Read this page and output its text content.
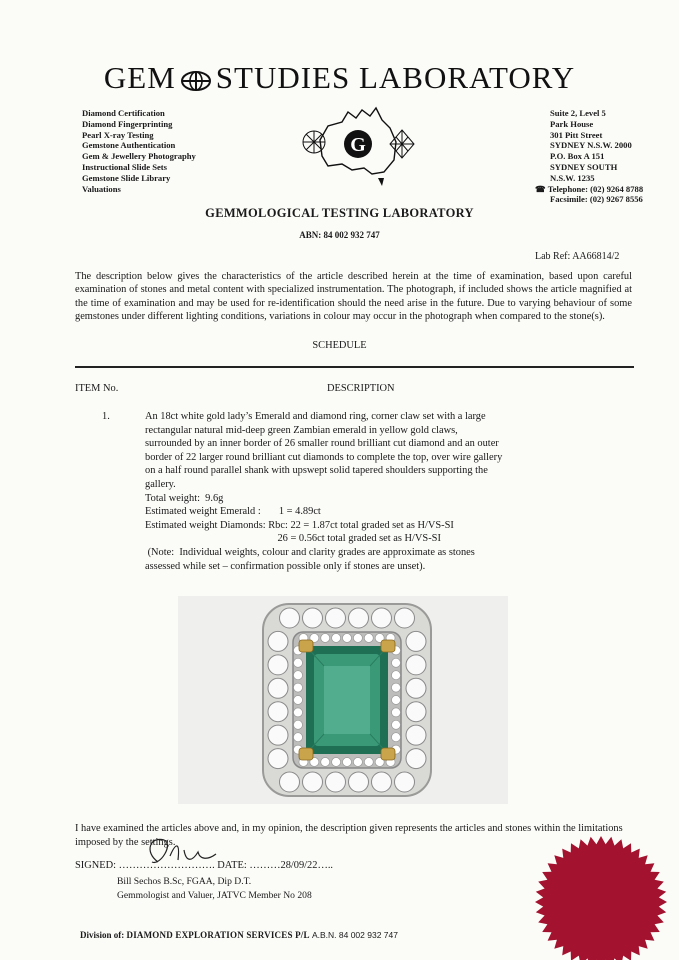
GEM STUDIES LABORATORY
Diamond Certification
Diamond Fingerprinting
Pearl X-ray Testing
Gemstone Authentication
Gem & Jewellery Photography
Instructional Slide Sets
Gemstone Slide Library
Valuations
G
Suite 2, Level 5
Park House
301 Pitt Street
SYDNEY N.S.W. 2000
P.O. Box A 151
SYDNEY SOUTH
N.S.W. 1235
☎ Telephone: (02) 9264 8788
Facsimile: (02) 9267 8556
GEMMOLOGICAL TESTING LABORATORY
ABN: 84 002 932 747
Lab Ref: AA66814/2
The description below gives the characteristics of the article described herein at the time of examination, based upon careful examination of stones and metal content with specialized instrumentation. The photograph, if included shows the article magnified at the time of examination and may be used for re-identification should the need arise in the future. Due to varying behaviour of some gemstones under different lighting conditions, variations in colour may occur in the photograph when compared to the stone(s).
SCHEDULE
ITEM No.	DESCRIPTION
1.	An 18ct white gold lady’s Emerald and diamond ring, corner claw set with a large
rectangular natural mid-deep green Zambian emerald in yellow gold claws,
surrounded by an inner border of 26 smaller round brilliant cut diamond and an outer
border of 22 larger round brilliant cut diamonds to complete the top, over wire gallery
on a half round parallel shank with upswept solid tapered shoulders supporting the
gallery.
Total weight:  9.6g
Estimated weight Emerald :       1 = 4.89ct
Estimated weight Diamonds: Rbc: 22 = 1.87ct total graded set as H/VS-SI
26 = 0.56ct total graded set as H/VS-SI
(Note:  Individual weights, colour and clarity grades are approximate as stones
assessed while set – confirmation possible only if stones are unset).
I have examined the articles above and, in my opinion, the description given represents the articles and stones within the limitations imposed by the settings.
SIGNED: ………………………. DATE: ………28/09/22…..
Bill Sechos B.Sc, FGAA, Dip D.T.
Gemmologist and Valuer, JATVC Member No 208
Division of: DIAMOND EXPLORATION SERVICES P/L A.B.N. 84 002 932 747
